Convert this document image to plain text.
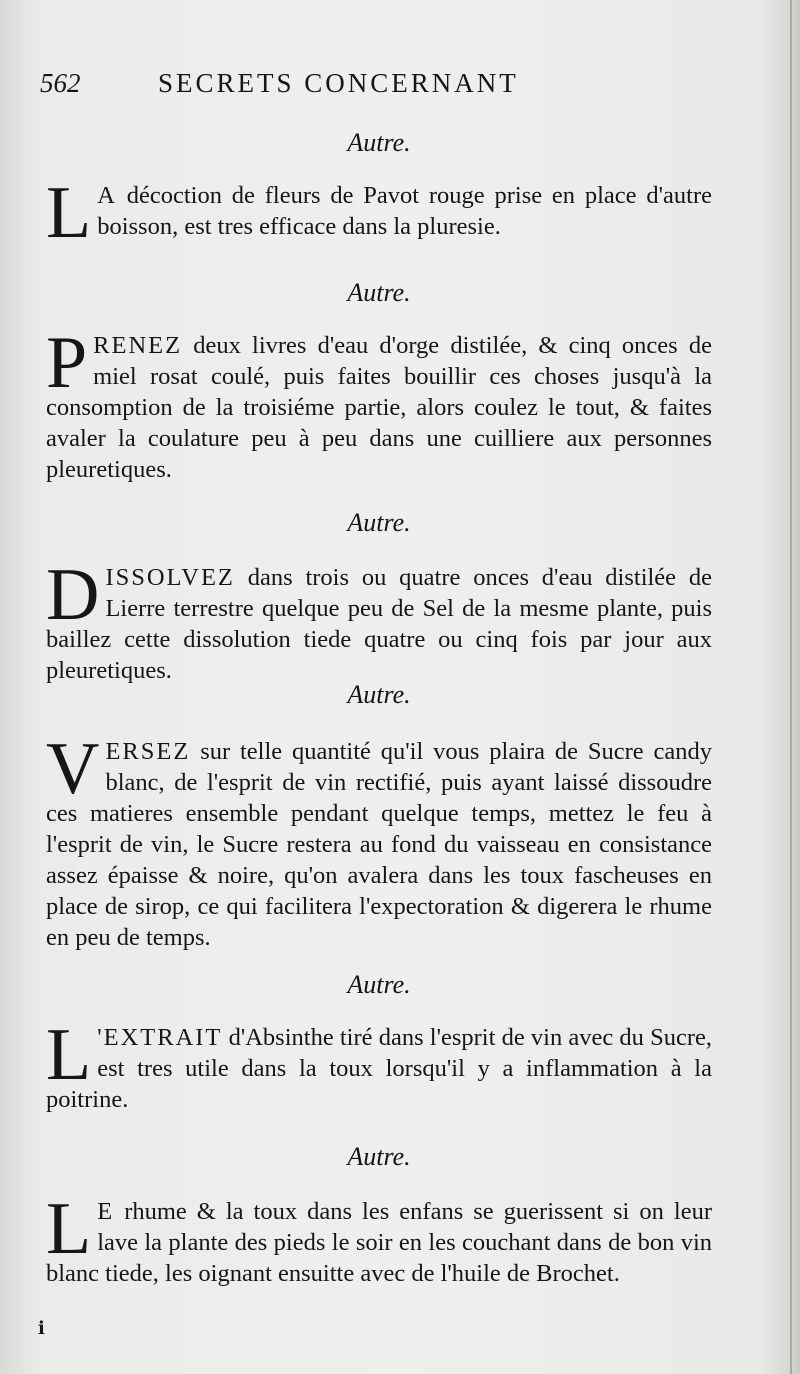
562	SECRETS CONCERNANT
Autre.
L A décoction de fleurs de Pavot rouge prise en place d'autre boisson, est tres efficace dans la pluresie.
Autre.
P RENEZ deux livres d'eau d'orge distilée, & cinq onces de miel rosat coulé, puis faites bouillir ces choses jusqu'à la consomption de la troisiéme partie, alors coulez le tout, & faites avaler la coulature peu à peu dans une cuilliere aux personnes pleuretiques.
Autre.
D ISSOLVEZ dans trois ou quatre onces d'eau distilée de Lierre terrestre quelque peu de Sel de la mesme plante, puis baillez cette dissolution tiede quatre ou cinq fois par jour aux pleuretiques.
Autre.
V ERSEZ sur telle quantité qu'il vous plaira de Sucre candy blanc, de l'esprit de vin rectifié, puis ayant laissé dissoudre ces matieres ensemble pendant quelque temps, mettez le feu à l'esprit de vin, le Sucre restera au fond du vaisseau en consistance assez épaisse & noire, qu'on avalera dans les toux fascheuses en place de sirop, ce qui facilitera l'expectoration & digerera le rhume en peu de temps.
Autre.
L 'EXTRAIT d'Absinthe tiré dans l'esprit de vin avec du Sucre, est tres utile dans la toux lorsqu'il y a inflammation à la poitrine.
Autre.
L E rhume & la toux dans les enfans se guerissent si on leur lave la plante des pieds le soir en les couchant dans de bon vin blanc tiede, les oignant ensuitte avec de l'huile de Brochet.
ℹ
